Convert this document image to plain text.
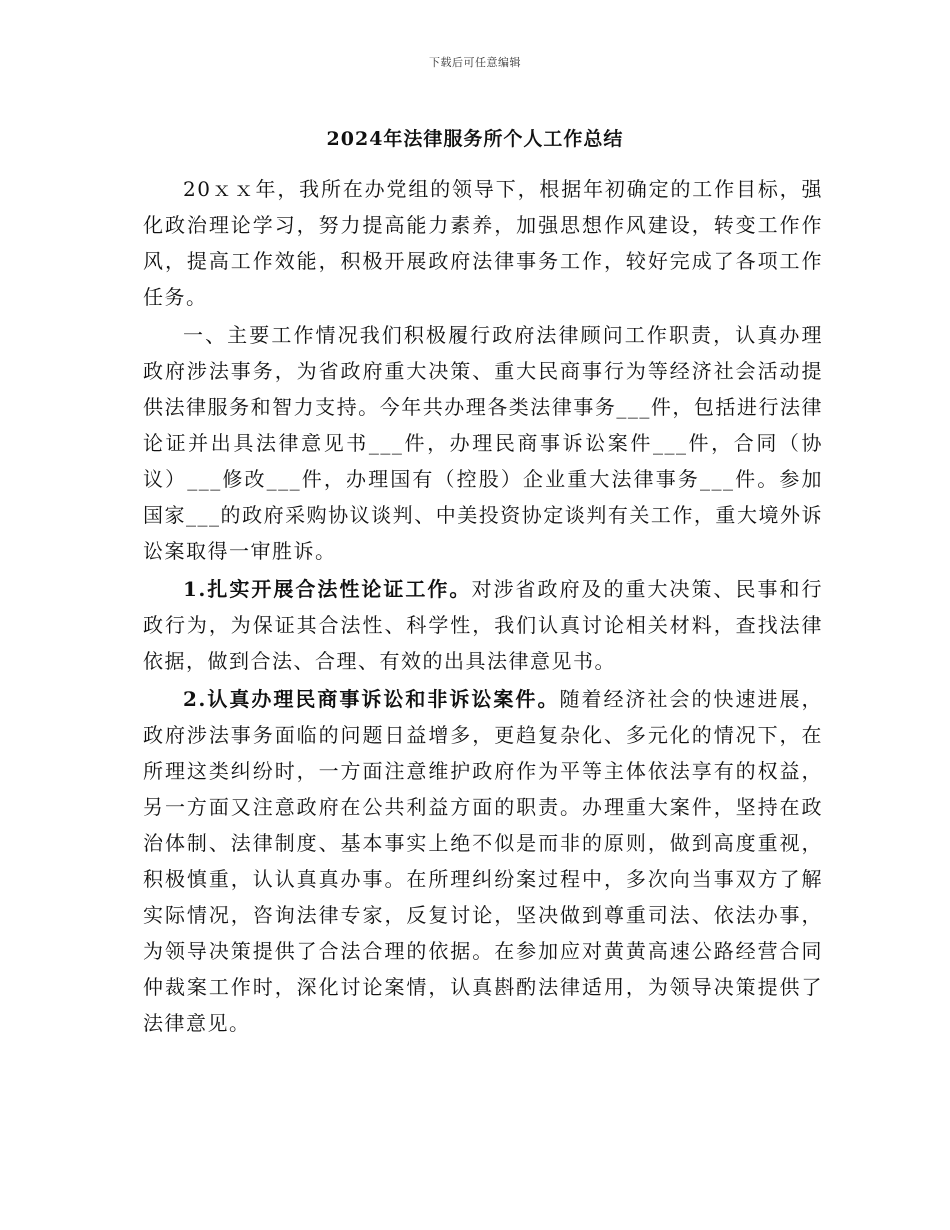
下载后可任意编辑
2024年法律服务所个人工作总结

20ｘｘ年，我所在办党组的领导下，根据年初确定的工作目标，强化政治理论学习，努力提高能力素养，加强思想作风建设，转变工作作风，提高工作效能，积极开展政府法律事务工作，较好完成了各项工作任务。

一、主要工作情况我们积极履行政府法律顾问工作职责，认真办理政府涉法事务，为省政府重大决策、重大民商事行为等经济社会活动提供法律服务和智力支持。今年共办理各类法律事务___件，包括进行法律论证并出具法律意见书___件，办理民商事诉讼案件___件，合同（协议）___修改___件，办理国有（控股）企业重大法律事务___件。参加国家___的政府采购协议谈判、中美投资协定谈判有关工作，重大境外诉讼案取得一审胜诉。

1.扎实开展合法性论证工作。对涉省政府及的重大决策、民事和行政行为，为保证其合法性、科学性，我们认真讨论相关材料，查找法律依据，做到合法、合理、有效的出具法律意见书。

2.认真办理民商事诉讼和非诉讼案件。随着经济社会的快速进展，政府涉法事务面临的问题日益增多，更趋复杂化、多元化的情况下，在所理这类纠纷时，一方面注意维护政府作为平等主体依法享有的权益，另一方面又注意政府在公共利益方面的职责。办理重大案件，坚持在政治体制、法律制度、基本事实上绝不似是而非的原则，做到高度重视，积极慎重，认认真真办事。在所理纠纷案过程中，多次向当事双方了解实际情况，咨询法律专家，反复讨论，坚决做到尊重司法、依法办事，为领导决策提供了合法合理的依据。在参加应对黄黄高速公路经营合同仲裁案工作时，深化讨论案情，认真斟酌法律适用，为领导决策提供了法律意见。
